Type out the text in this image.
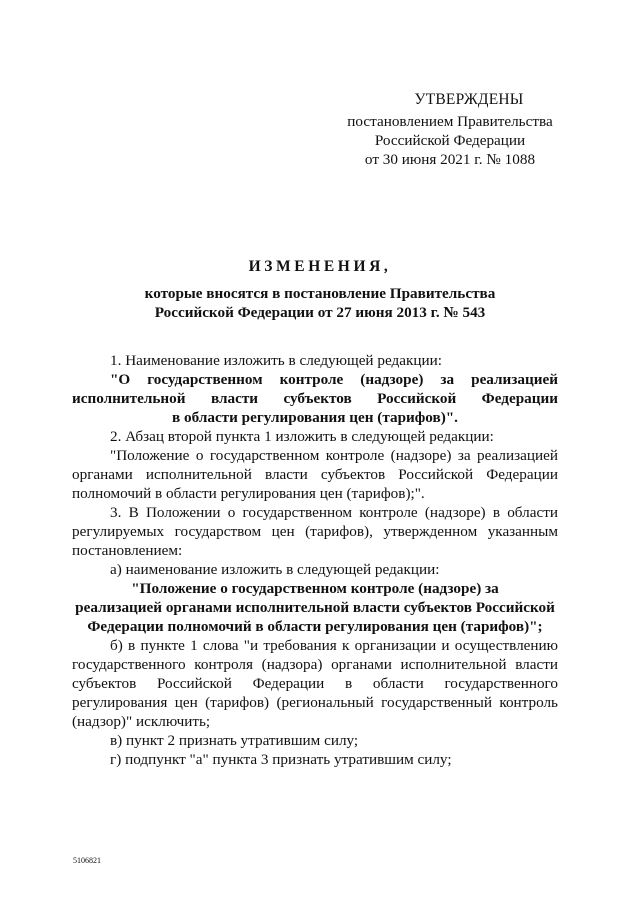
УТВЕРЖДЕНЫ
постановлением Правительства
Российской Федерации
от 30 июня 2021 г. № 1088
ИЗМЕНЕНИЯ,
которые вносятся в постановление Правительства
Российской Федерации от 27 июня 2013 г. № 543

1. Наименование изложить в следующей редакции:

"О государственном контроле (надзоре) за реализацией

исполнительной власти субъектов Российской Федерации

в области регулирования цен (тарифов)".

2. Абзац второй пункта 1 изложить в следующей редакции:

"Положение о государственном контроле (надзоре) за реализацией органами исполнительной власти субъектов Российской Федерации полномочий в области регулирования цен (тарифов);".

3. В Положении о государственном контроле (надзоре) в области регулируемых государством цен (тарифов), утвержденном указанным постановлением:

а) наименование изложить в следующей редакции:

"Положение о государственном контроле (надзоре) за

реализацией органами исполнительной власти субъектов Российской

Федерации полномочий в области регулирования цен (тарифов)";

б) в пункте 1 слова "и требования к организации и осуществлению государственного контроля (надзора) органами исполнительной власти субъектов Российской Федерации в области государственного регулирования цен (тарифов) (региональный государственный контроль (надзор)" исключить;

в) пункт 2 признать утратившим силу;

г) подпункт "а" пункта 3 признать утратившим силу;

5106821
